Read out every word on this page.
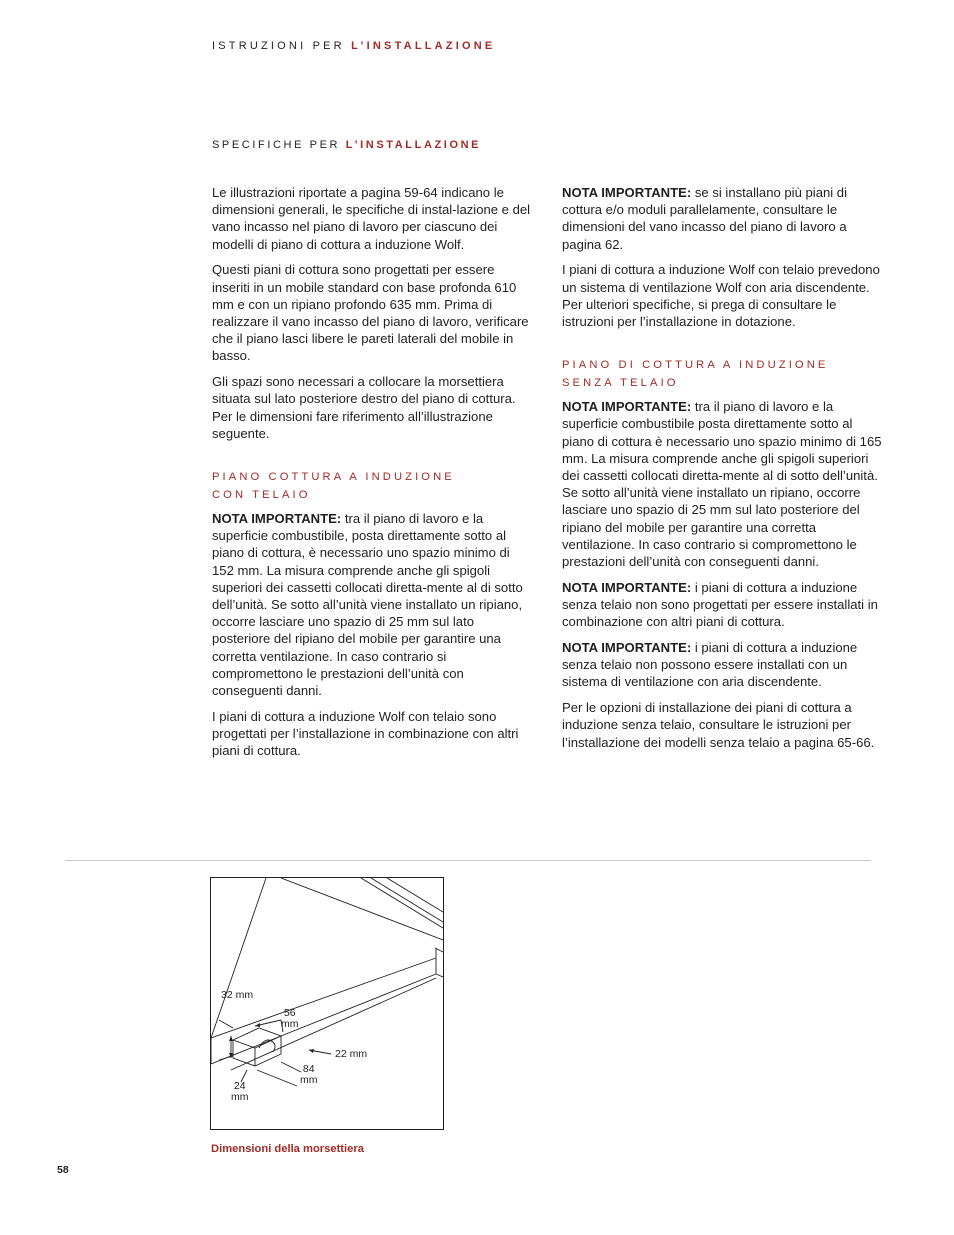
ISTRUZIONI PER L’INSTALLAZIONE
SPECIFICHE PER L’INSTALLAZIONE

Le illustrazioni riportate a pagina 59-64 indicano le dimensioni generali, le specifiche di instal-lazione e del vano incasso nel piano di lavoro per ciascuno dei modelli di piano di cottura a induzione Wolf.

Questi piani di cottura sono progettati per essere inseriti in un mobile standard con base profonda 610 mm e con un ripiano profondo 635 mm. Prima di realizzare il vano incasso del piano di lavoro, verificare che il piano lasci libere le pareti laterali del mobile in basso.

Gli spazi sono necessari a collocare la morsettiera situata sul lato posteriore destro del piano di cottura. Per le dimensioni fare riferimento all’illustrazione seguente.

PIANO COTTURA A INDUZIONE
CON TELAIO

NOTA IMPORTANTE: tra il piano di lavoro e la superficie combustibile, posta direttamente sotto al piano di cottura, è necessario uno spazio minimo di 152 mm. La misura comprende anche gli spigoli superiori dei cassetti collocati diretta-mente al di sotto dell’unità. Se sotto all’unità viene installato un ripiano, occorre lasciare uno spazio di 25 mm sul lato posteriore del ripiano del mobile per garantire una corretta ventilazione. In caso contrario si compromettono le prestazioni dell’unità con conseguenti danni.

I piani di cottura a induzione Wolf con telaio sono progettati per l’installazione in combinazione con altri piani di cottura.

NOTA IMPORTANTE: se si installano più piani di cottura e/o moduli parallelamente, consultare le dimensioni del vano incasso del piano di lavoro a pagina 62.

I piani di cottura a induzione Wolf con telaio prevedono un sistema di ventilazione Wolf con aria discendente. Per ulteriori specifiche, si prega di consultare le istruzioni per l’installazione in dotazione.

PIANO DI COTTURA A INDUZIONE
SENZA TELAIO

NOTA IMPORTANTE: tra il piano di lavoro e la superficie combustibile posta direttamente sotto al piano di cottura è necessario uno spazio minimo di 165 mm. La misura comprende anche gli spigoli superiori dei cassetti collocati diretta-mente al di sotto dell’unità. Se sotto all’unità viene installato un ripiano, occorre lasciare uno spazio di 25 mm sul lato posteriore del ripiano del mobile per garantire una corretta ventilazione. In caso contrario si compromettono le prestazioni dell’unità con conseguenti danni.

NOTA IMPORTANTE: i piani di cottura a induzione senza telaio non sono progettati per essere installati in combinazione con altri piani di cottura.

NOTA IMPORTANTE: i piani di cottura a induzione senza telaio non possono essere installati con un sistema di ventilazione con aria discendente.

Per le opzioni di installazione dei piani di cottura a induzione senza telaio, consultare le istruzioni per l’installazione dei modelli senza telaio a pagina 65-66.

32 mm
56
mm
22 mm
84
mm
24
mm
Dimensioni della morsettiera
58
